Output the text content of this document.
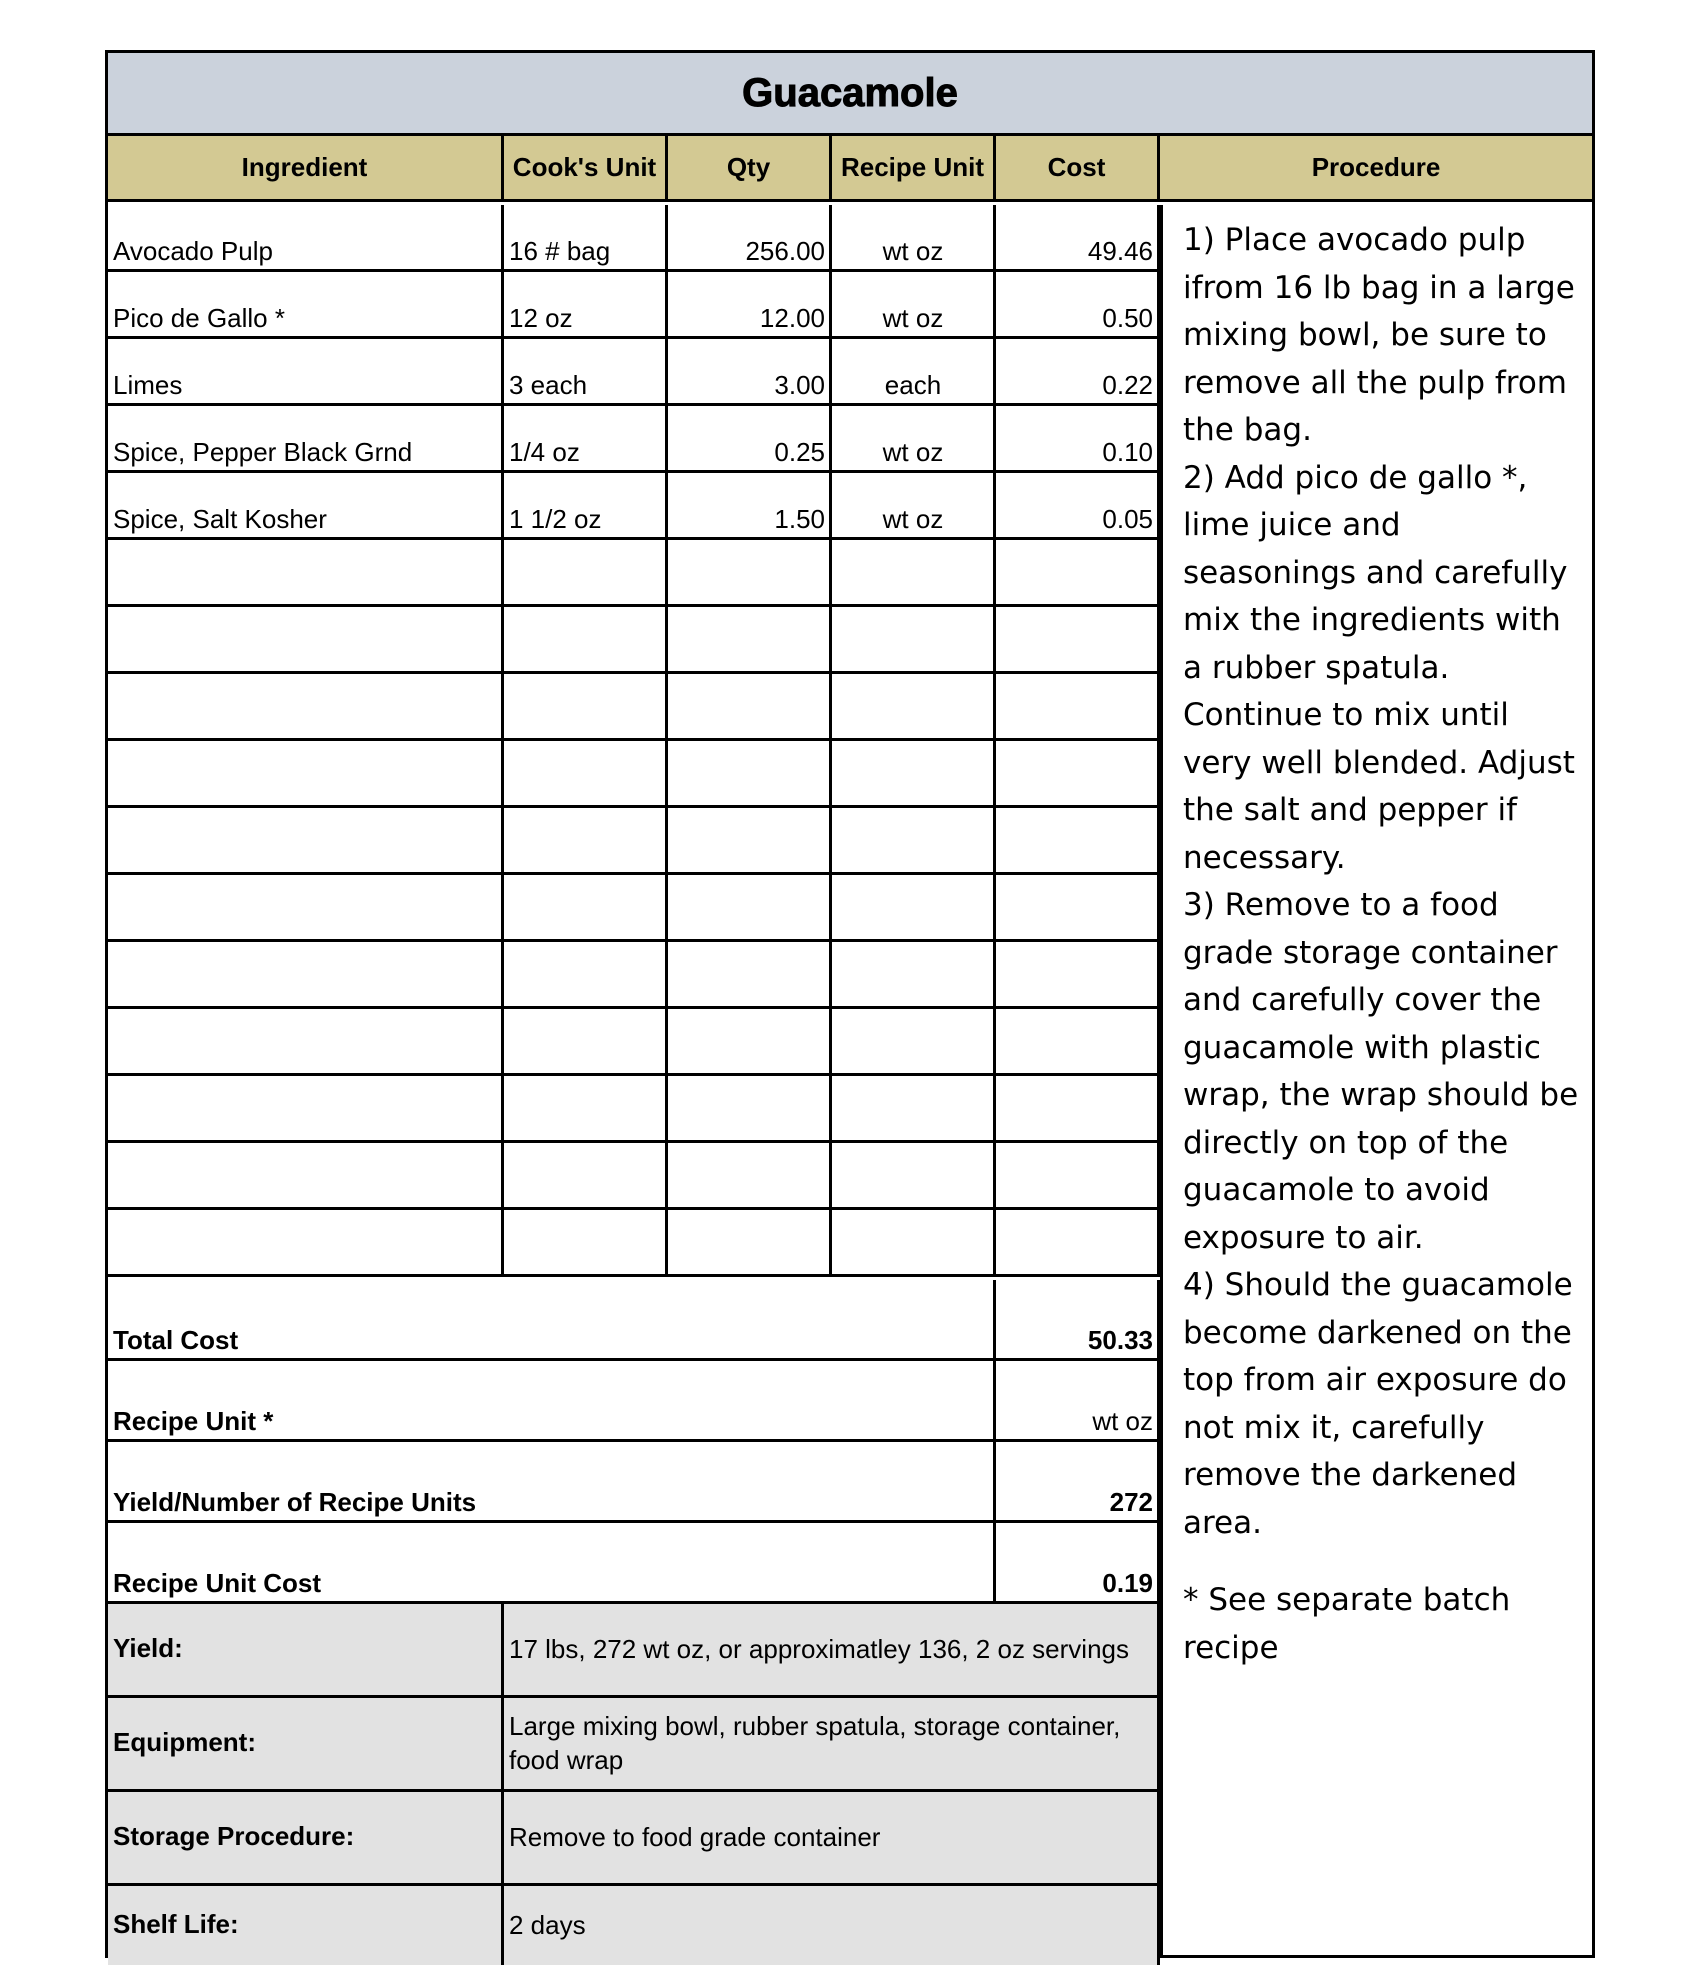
Guacamole
Ingredient	Cook's Unit	Qty	Recipe Unit	Cost	Procedure
Avocado Pulp	16 # bag	256.00	wt oz	49.46
Pico de Gallo *	12 oz	12.00	wt oz	0.50
Limes	3 each	3.00	each	0.22
Spice, Pepper Black Grnd	1/4 oz	0.25	wt oz	0.10
Spice, Salt Kosher	1 1/2 oz	1.50	wt oz	0.05
Total Cost	50.33
Recipe Unit *	wt oz
Yield/Number of Recipe Units	272
Recipe Unit Cost	0.19
Yield:	17 lbs, 272 wt oz, or approximatley 136, 2 oz servings
Equipment:
Large mixing bowl, rubber spatula, storage container, food wrap
Storage Procedure:	Remove to food grade container
Shelf Life:	2 days

1) Place avocado pulp ifrom 16 lb bag in a large mixing bowl, be sure to remove all the pulp from the bag.

2) Add pico de gallo *, lime juice and seasonings and carefully mix the ingredients with a rubber spatula. Continue to mix until very well blended. Adjust the salt and pepper if necessary.

3) Remove to a food grade storage container and carefully cover the guacamole with plastic wrap, the wrap should be directly on top of the guacamole to avoid exposure to air.

4) Should the guacamole become darkened on the top from air exposure do not mix it, carefully remove the darkened area.

* See separate batch recipe
